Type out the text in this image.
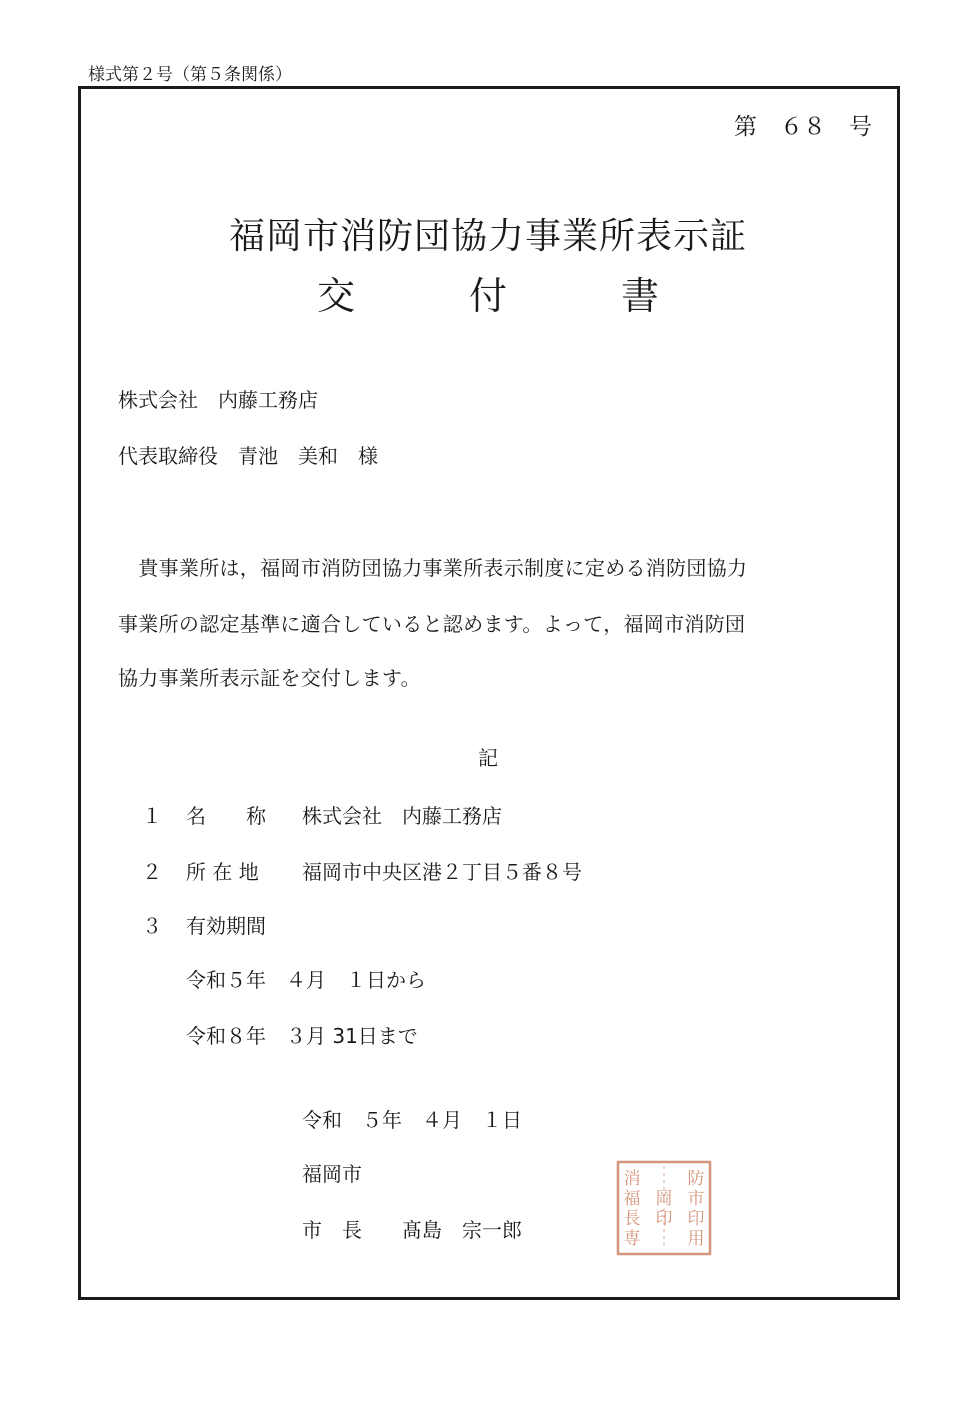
様式第２号（第５条関係）
第　６８　号
福岡市消防団協力事業所表示証
交　　　付　　　書
株式会社　内藤工務店
代表取締役　青池　美和　様
　貴事業所は，福岡市消防団協力事業所表示制度に定める消防団協力
事業所の認定基準に適合していると認めます。よって，福岡市消防団
協力事業所表示証を交付します。
記
１ 名　　称 株式会社　内藤工務店
２ 所 在 地 福岡市中央区港２丁目５番８号
３ 有効期間
令和５年　４月　１日から
令和８年　３月 31日まで
令和　５年　４月　１日
福岡市
市　長　　髙島　宗一郎
防
市
印
用
消
福
長
専
岡
印
